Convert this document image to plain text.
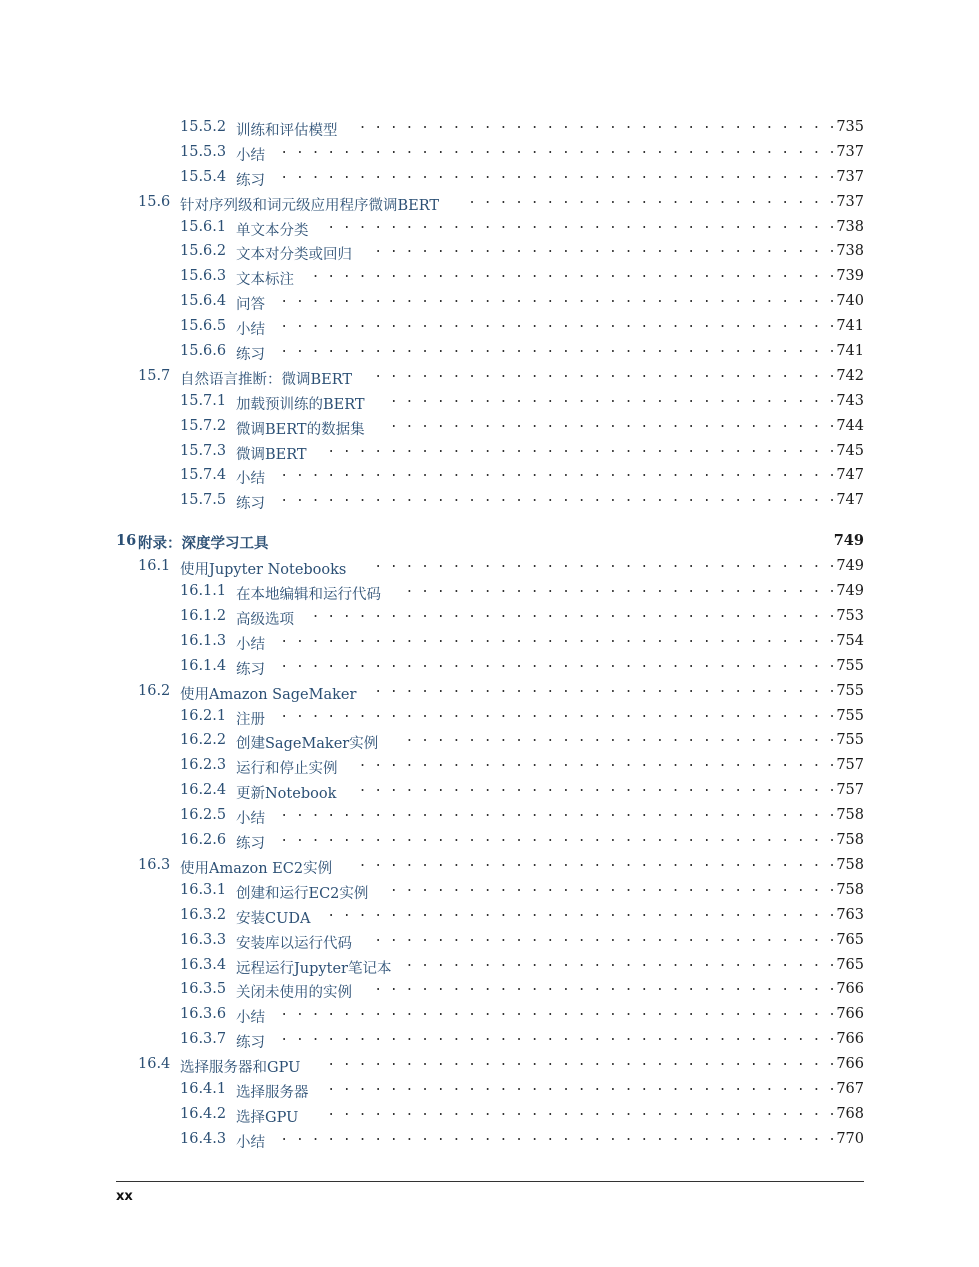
15.5.2 训练和评估模型	. . . . . . . . . . . . . . . . . . . . . . . . . . . . . . . 735
15.5.3 小结	. . . . . . . . . . . . . . . . . . . . . . . . . . . . . . . . . . . . 737
15.5.4 练习	. . . . . . . . . . . . . . . . . . . . . . . . . . . . . . . . . . . . 737
15.6 针对序列级和词元级应用程序微调BERT	. . . . . . . . . . . . . . . . . . . . . . . . 737
15.6.1 单文本分类	. . . . . . . . . . . . . . . . . . . . . . . . . . . . . . . . . 738
15.6.2 文本对分类或回归	. . . . . . . . . . . . . . . . . . . . . . . . . . . . . . 738
15.6.3 文本标注	. . . . . . . . . . . . . . . . . . . . . . . . . . . . . . . . . . 739
15.6.4 问答	. . . . . . . . . . . . . . . . . . . . . . . . . . . . . . . . . . . . 740
15.6.5 小结	. . . . . . . . . . . . . . . . . . . . . . . . . . . . . . . . . . . . 741
15.6.6 练习	. . . . . . . . . . . . . . . . . . . . . . . . . . . . . . . . . . . . 741
15.7 自然语言推断：微调BERT	. . . . . . . . . . . . . . . . . . . . . . . . . . . . . . 742
15.7.1 加载预训练的BERT	. . . . . . . . . . . . . . . . . . . . . . . . . . . . . 743
15.7.2 微调BERT的数据集	. . . . . . . . . . . . . . . . . . . . . . . . . . . . . 744
15.7.3 微调BERT	. . . . . . . . . . . . . . . . . . . . . . . . . . . . . . . . . 745
15.7.4 小结	. . . . . . . . . . . . . . . . . . . . . . . . . . . . . . . . . . . . 747
15.7.5 练习	. . . . . . . . . . . . . . . . . . . . . . . . . . . . . . . . . . . . 747
16 附录：深度学习工具	749
16.1 使用Jupyter Notebooks	. . . . . . . . . . . . . . . . . . . . . . . . . . . . . . 749
16.1.1 在本地编辑和运行代码	. . . . . . . . . . . . . . . . . . . . . . . . . . . . 749
16.1.2 高级选项	. . . . . . . . . . . . . . . . . . . . . . . . . . . . . . . . . . 753
16.1.3 小结	. . . . . . . . . . . . . . . . . . . . . . . . . . . . . . . . . . . . 754
16.1.4 练习	. . . . . . . . . . . . . . . . . . . . . . . . . . . . . . . . . . . . 755
16.2 使用Amazon SageMaker	. . . . . . . . . . . . . . . . . . . . . . . . . . . . . . 755
16.2.1 注册	. . . . . . . . . . . . . . . . . . . . . . . . . . . . . . . . . . . . 755
16.2.2 创建SageMaker实例	. . . . . . . . . . . . . . . . . . . . . . . . . . . . 755
16.2.3 运行和停止实例	. . . . . . . . . . . . . . . . . . . . . . . . . . . . . . . 757
16.2.4 更新Notebook	. . . . . . . . . . . . . . . . . . . . . . . . . . . . . . . 757
16.2.5 小结	. . . . . . . . . . . . . . . . . . . . . . . . . . . . . . . . . . . . 758
16.2.6 练习	. . . . . . . . . . . . . . . . . . . . . . . . . . . . . . . . . . . . 758
16.3 使用Amazon EC2实例	. . . . . . . . . . . . . . . . . . . . . . . . . . . . . . . 758
16.3.1 创建和运行EC2实例	. . . . . . . . . . . . . . . . . . . . . . . . . . . . . 758
16.3.2 安装CUDA	. . . . . . . . . . . . . . . . . . . . . . . . . . . . . . . . . 763
16.3.3 安装库以运行代码	. . . . . . . . . . . . . . . . . . . . . . . . . . . . . . 765
16.3.4 远程运行Jupyter笔记本	. . . . . . . . . . . . . . . . . . . . . . . . . . . . 765
16.3.5 关闭未使用的实例	. . . . . . . . . . . . . . . . . . . . . . . . . . . . . . 766
16.3.6 小结	. . . . . . . . . . . . . . . . . . . . . . . . . . . . . . . . . . . . 766
16.3.7 练习	. . . . . . . . . . . . . . . . . . . . . . . . . . . . . . . . . . . . 766
16.4 选择服务器和GPU	. . . . . . . . . . . . . . . . . . . . . . . . . . . . . . . . . 766
16.4.1 选择服务器	. . . . . . . . . . . . . . . . . . . . . . . . . . . . . . . . . 767
16.4.2 选择GPU	. . . . . . . . . . . . . . . . . . . . . . . . . . . . . . . . . 768
16.4.3 小结	. . . . . . . . . . . . . . . . . . . . . . . . . . . . . . . . . . . . 770
xx
